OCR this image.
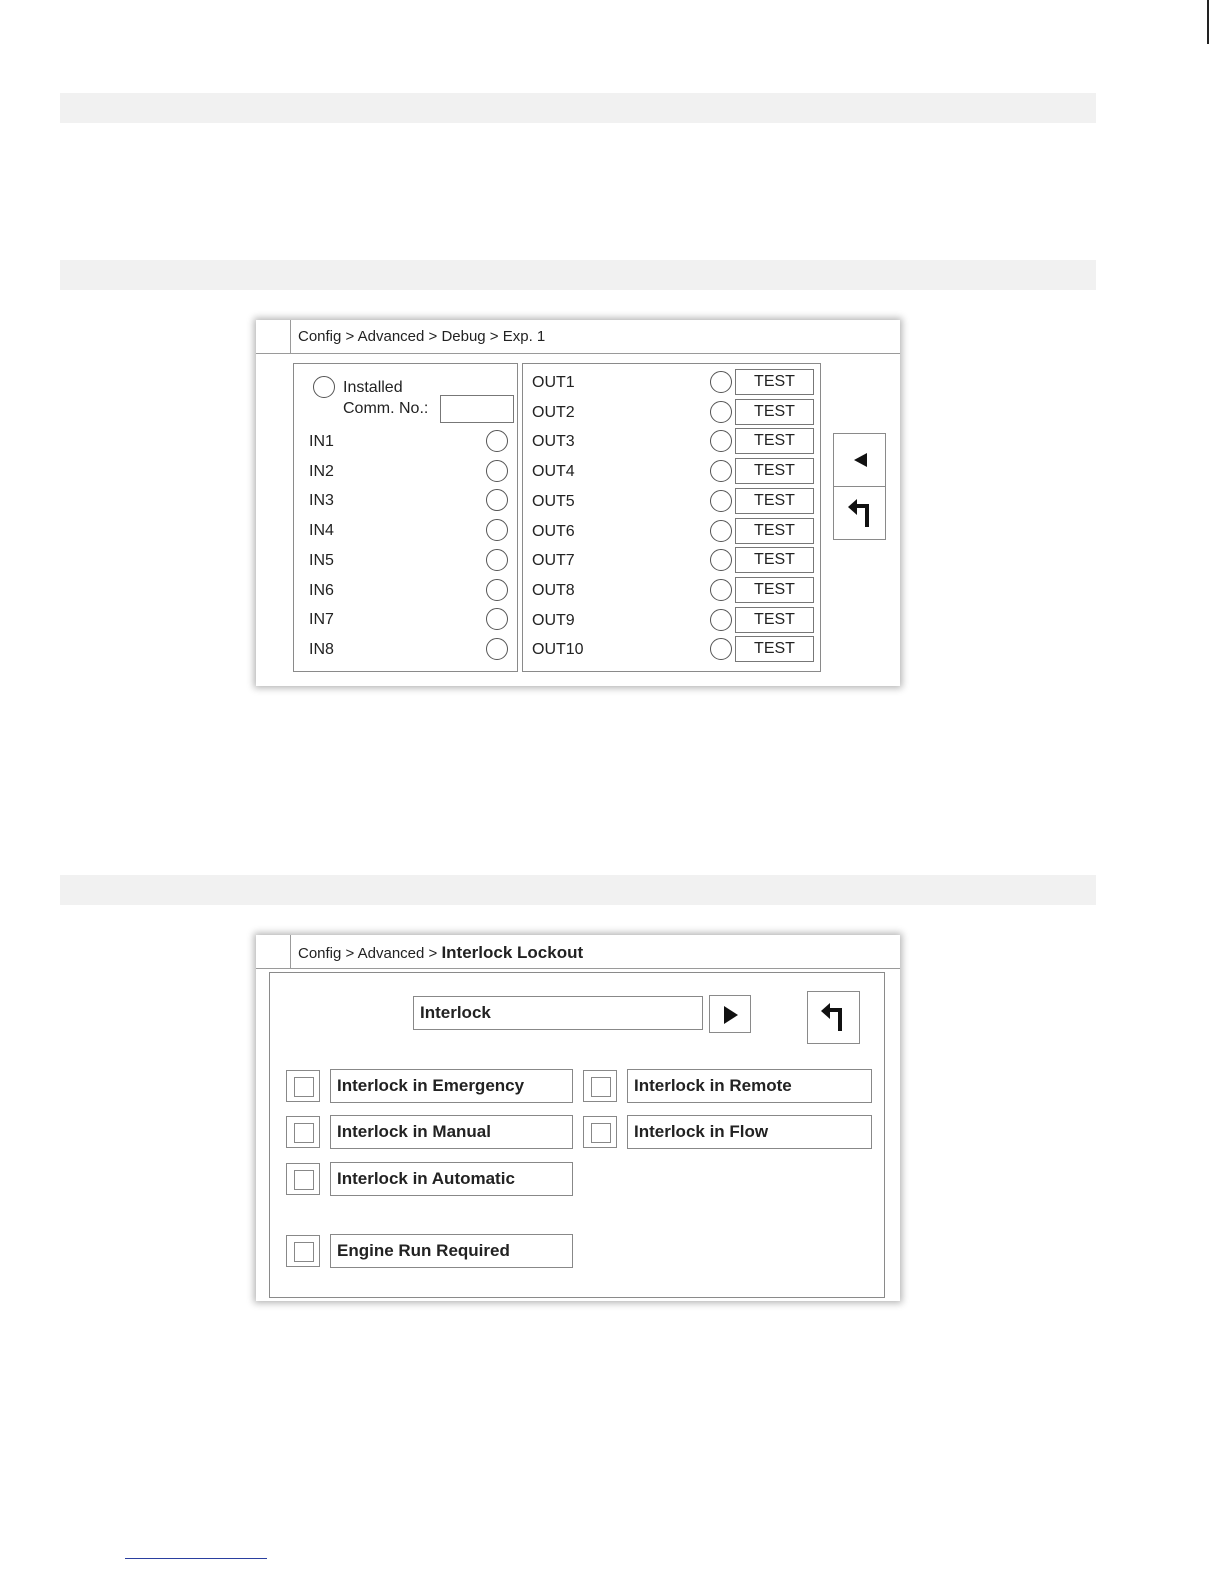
Config > Advanced > Debug > Exp. 1
Installed
Comm. No.:
IN1
IN2
IN3
IN4
IN5
IN6
IN7
IN8
OUT1	TEST
OUT2	TEST
OUT3	TEST
OUT4	TEST
OUT5	TEST
OUT6	TEST
OUT7	TEST
OUT8	TEST
OUT9	TEST
OUT10	TEST
Config > Advanced > Interlock Lockout
Interlock
Interlock in Emergency	Interlock in Remote
Interlock in Manual	Interlock in Flow
Interlock in Automatic
Engine Run Required
